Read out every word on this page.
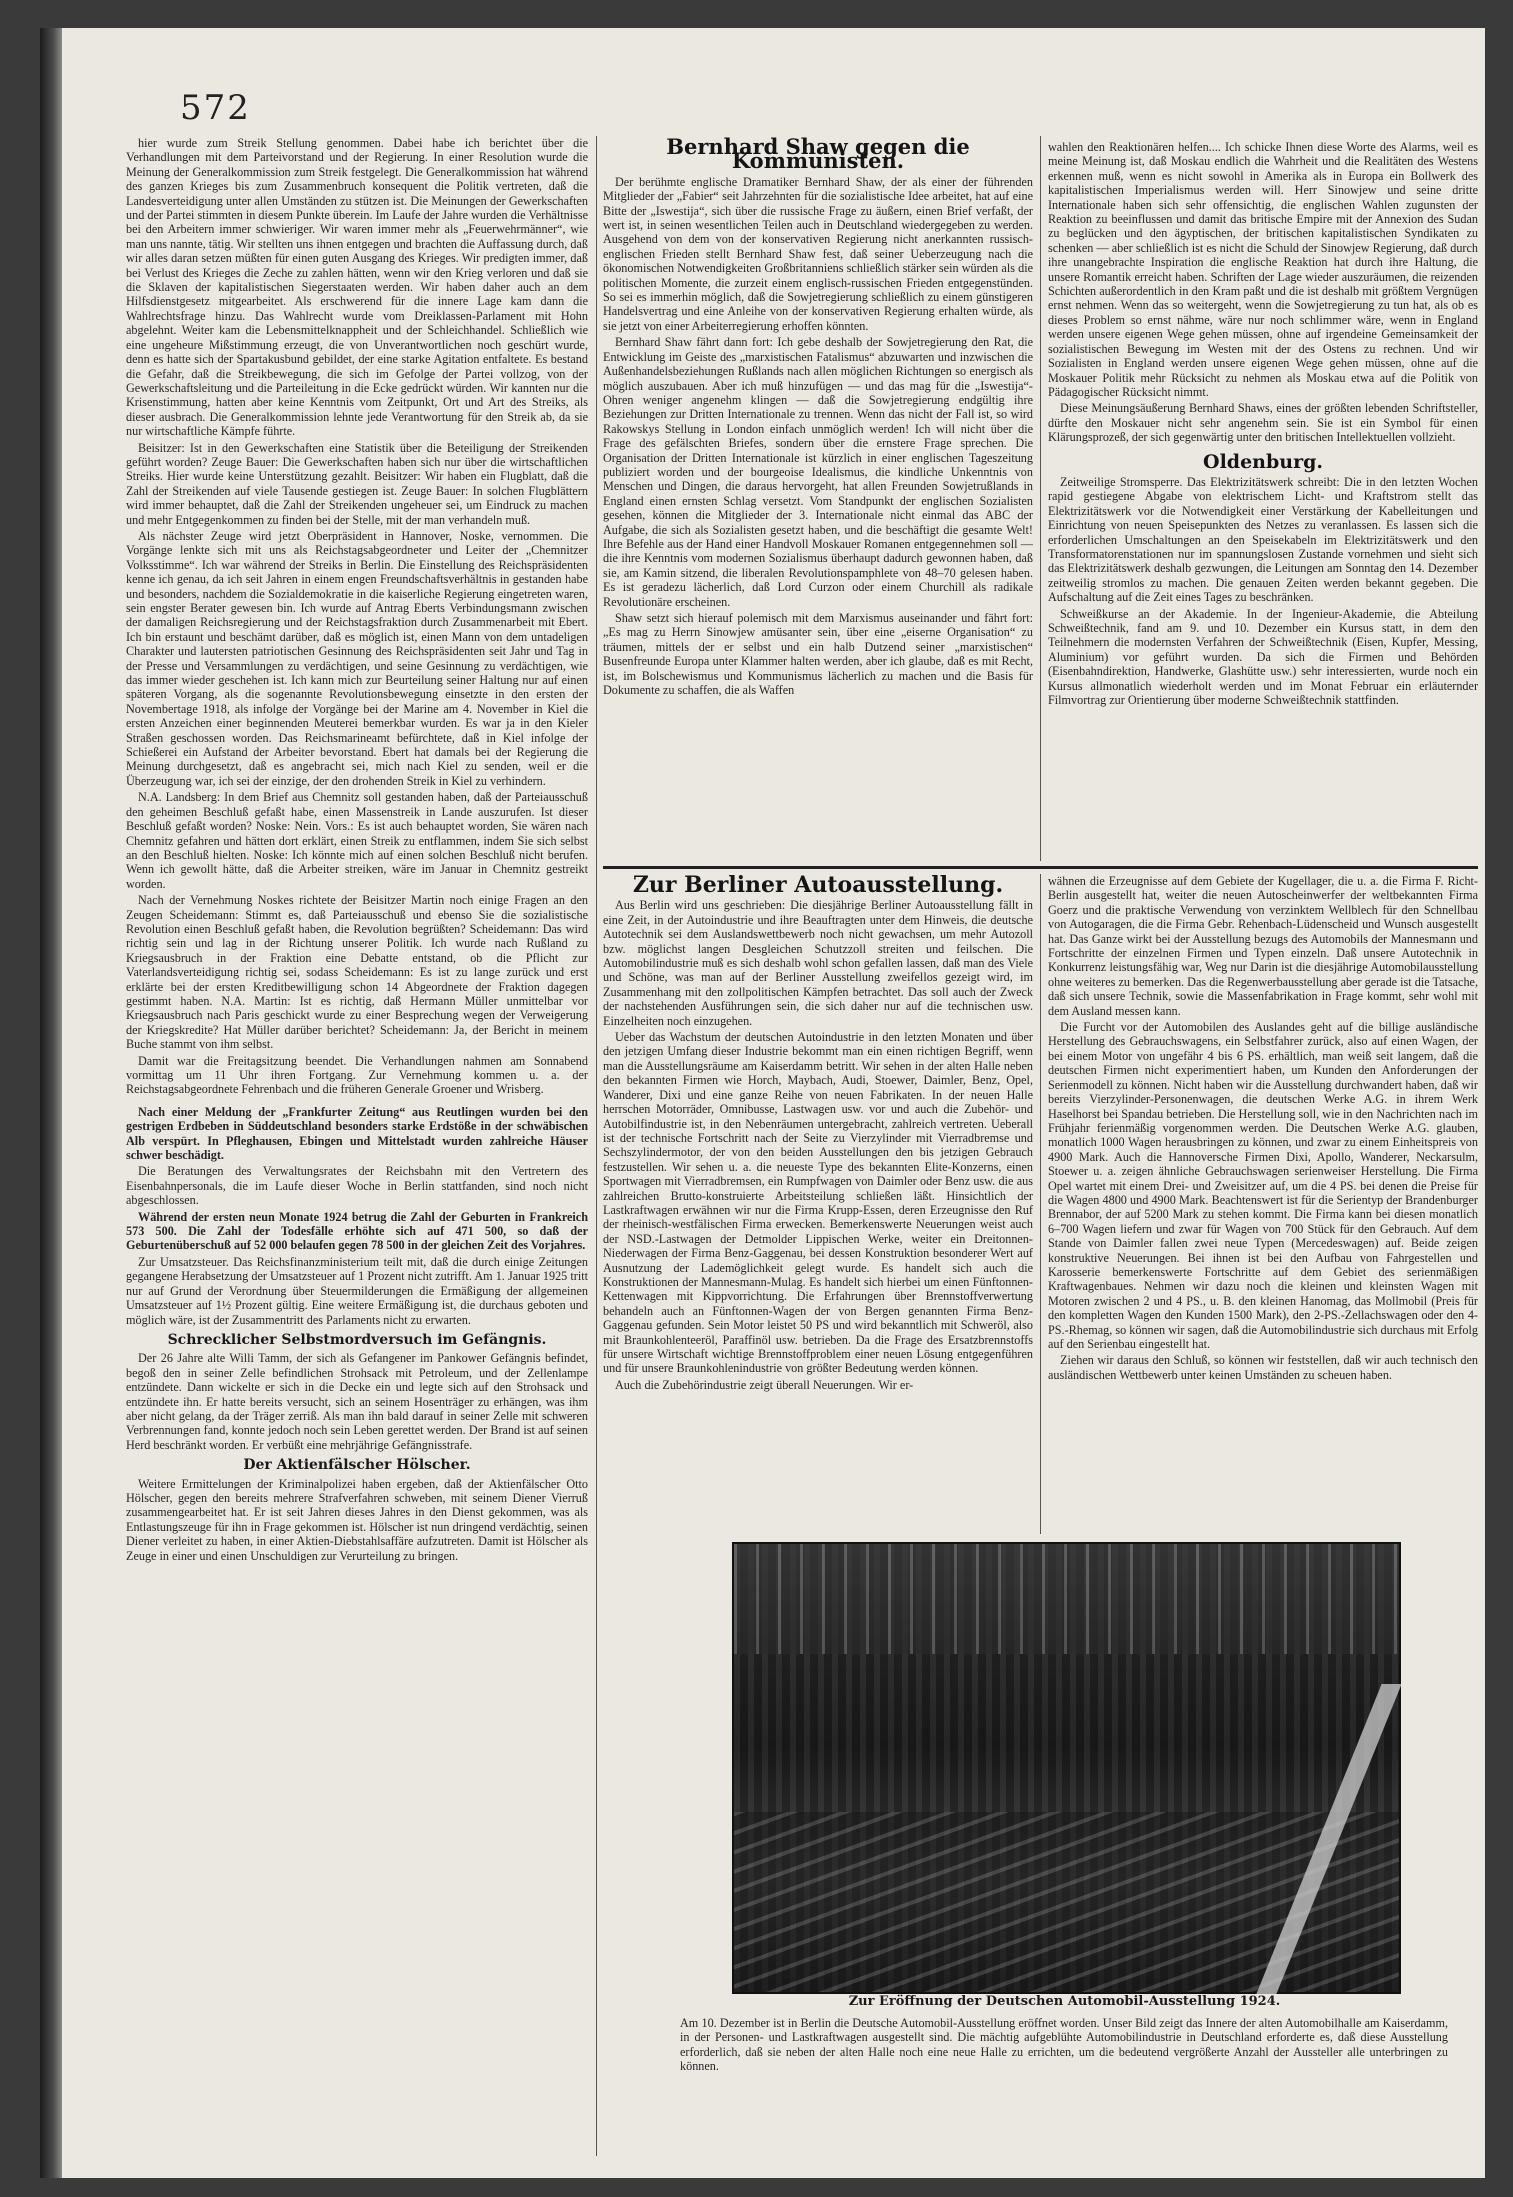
572

hier wurde zum Streik Stellung genommen. Dabei habe ich berichtet über die Verhandlungen mit dem Parteivorstand und der Regierung. In einer Resolution wurde die Meinung der Generalkommission zum Streik festgelegt. Die Generalkommission hat während des ganzen Krieges bis zum Zusammenbruch konsequent die Politik vertreten, daß die Landesverteidigung unter allen Umständen zu stützen ist. Die Meinungen der Gewerkschaften und der Partei stimmten in diesem Punkte überein. Im Laufe der Jahre wurden die Verhältnisse bei den Arbeitern immer schwieriger. Wir waren immer mehr als „Feuerwehrmänner“, wie man uns nannte, tätig. Wir stellten uns ihnen entgegen und brachten die Auffassung durch, daß wir alles daran setzen müßten für einen guten Ausgang des Krieges. Wir predigten immer, daß bei Verlust des Krieges die Zeche zu zahlen hätten, wenn wir den Krieg verloren und daß sie die Sklaven der kapitalistischen Siegerstaaten werden. Wir haben daher auch an dem Hilfsdienstgesetz mitgearbeitet. Als erschwerend für die innere Lage kam dann die Wahlrechtsfrage hinzu. Das Wahlrecht wurde vom Dreiklassen-Parlament mit Hohn abgelehnt. Weiter kam die Lebensmittelknappheit und der Schleichhandel. Schließlich wie eine ungeheure Mißstimmung erzeugt, die von Unverantwortlichen noch geschürt wurde, denn es hatte sich der Spartakusbund gebildet, der eine starke Agitation entfaltete. Es bestand die Gefahr, daß die Streikbewegung, die sich im Gefolge der Partei vollzog, von der Gewerkschaftsleitung und die Parteileitung in die Ecke gedrückt würden. Wir kannten nur die Krisenstimmung, hatten aber keine Kenntnis vom Zeitpunkt, Ort und Art des Streiks, als dieser ausbrach. Die Generalkommission lehnte jede Verantwortung für den Streik ab, da sie nur wirtschaftliche Kämpfe führte.

Beisitzer: Ist in den Gewerkschaften eine Statistik über die Beteiligung der Streikenden geführt worden? Zeuge Bauer: Die Gewerkschaften haben sich nur über die wirtschaftlichen Streiks. Hier wurde keine Unterstützung gezahlt. Beisitzer: Wir haben ein Flugblatt, daß die Zahl der Streikenden auf viele Tausende gestiegen ist. Zeuge Bauer: In solchen Flugblättern wird immer behauptet, daß die Zahl der Streikenden ungeheuer sei, um Eindruck zu machen und mehr Entgegenkommen zu finden bei der Stelle, mit der man verhandeln muß.

Als nächster Zeuge wird jetzt Oberpräsident in Hannover, Noske, vernommen. Die Vorgänge lenkte sich mit uns als Reichstagsabgeordneter und Leiter der „Chemnitzer Volksstimme“. Ich war während der Streiks in Berlin. Die Einstellung des Reichspräsidenten kenne ich genau, da ich seit Jahren in einem engen Freundschaftsverhältnis in gestanden habe und besonders, nachdem die Sozialdemokratie in die kaiserliche Regierung eingetreten waren, sein engster Berater gewesen bin. Ich wurde auf Antrag Eberts Verbindungsmann zwischen der damaligen Reichsregierung und der Reichstagsfraktion durch Zusammenarbeit mit Ebert. Ich bin erstaunt und beschämt darüber, daß es möglich ist, einen Mann von dem untadeligen Charakter und lautersten patriotischen Gesinnung des Reichspräsidenten seit Jahr und Tag in der Presse und Versammlungen zu verdächtigen, und seine Gesinnung zu verdächtigen, wie das immer wieder geschehen ist. Ich kann mich zur Beurteilung seiner Haltung nur auf einen späteren Vorgang, als die sogenannte Revolutionsbewegung einsetzte in den ersten der Novembertage 1918, als infolge der Vorgänge bei der Marine am 4. November in Kiel die ersten Anzeichen einer beginnenden Meuterei bemerkbar wurden. Es war ja in den Kieler Straßen geschossen worden. Das Reichsmarineamt befürchtete, daß in Kiel infolge der Schießerei ein Aufstand der Arbeiter bevorstand. Ebert hat damals bei der Regierung die Meinung durchgesetzt, daß es angebracht sei, mich nach Kiel zu senden, weil er die Überzeugung war, ich sei der einzige, der den drohenden Streik in Kiel zu verhindern.

N.A. Landsberg: In dem Brief aus Chemnitz soll gestanden haben, daß der Parteiausschuß den geheimen Beschluß gefaßt habe, einen Massenstreik in Lande auszurufen. Ist dieser Beschluß gefaßt worden? Noske: Nein. Vors.: Es ist auch behauptet worden, Sie wären nach Chemnitz gefahren und hätten dort erklärt, einen Streik zu entflammen, indem Sie sich selbst an den Beschluß hielten. Noske: Ich könnte mich auf einen solchen Beschluß nicht berufen. Wenn ich gewollt hätte, daß die Arbeiter streiken, wäre im Januar in Chemnitz gestreikt worden.

Nach der Vernehmung Noskes richtete der Beisitzer Martin noch einige Fragen an den Zeugen Scheidemann: Stimmt es, daß Parteiausschuß und ebenso Sie die sozialistische Revolution einen Beschluß gefaßt haben, die Revolution begrüßten? Scheidemann: Das wird richtig sein und lag in der Richtung unserer Politik. Ich wurde nach Rußland zu Kriegsausbruch in der Fraktion eine Debatte entstand, ob die Pflicht zur Vaterlandsverteidigung richtig sei, sodass Scheidemann: Es ist zu lange zurück und erst erklärte bei der ersten Kreditbewilligung schon 14 Abgeordnete der Fraktion dagegen gestimmt haben. N.A. Martin: Ist es richtig, daß Hermann Müller unmittelbar vor Kriegsausbruch nach Paris geschickt wurde zu einer Besprechung wegen der Verweigerung der Kriegskredite? Hat Müller darüber berichtet? Scheidemann: Ja, der Bericht in meinem Buche stammt von ihm selbst.

Damit war die Freitagsitzung beendet. Die Verhandlungen nahmen am Sonnabend vormittag um 11 Uhr ihren Fortgang. Zur Vernehmung kommen u. a. der Reichstagsabgeordnete Fehrenbach und die früheren Generale Groener und Wrisberg.

Nach einer Meldung der „Frankfurter Zeitung“ aus Reutlingen wurden bei den gestrigen Erdbeben in Süddeutschland besonders starke Erdstöße in der schwäbischen Alb verspürt. In Pfleghausen, Ebingen und Mittelstadt wurden zahlreiche Häuser schwer beschädigt.

Die Beratungen des Verwaltungsrates der Reichsbahn mit den Vertretern des Eisenbahnpersonals, die im Laufe dieser Woche in Berlin stattfanden, sind noch nicht abgeschlossen.

Während der ersten neun Monate 1924 betrug die Zahl der Geburten in Frankreich 573 500. Die Zahl der Todesfälle erhöhte sich auf 471 500, so daß der Geburtenüberschuß auf 52 000 belaufen gegen 78 500 in der gleichen Zeit des Vorjahres.

Zur Umsatzsteuer. Das Reichsfinanzministerium teilt mit, daß die durch einige Zeitungen gegangene Herabsetzung der Umsatzsteuer auf 1 Prozent nicht zutrifft. Am 1. Januar 1925 tritt nur auf Grund der Verordnung über Steuermilderungen die Ermäßigung der allgemeinen Umsatzsteuer auf 1½ Prozent gültig. Eine weitere Ermäßigung ist, die durchaus geboten und möglich wäre, ist der Zusammentritt des Parlaments nicht zu erwarten.

Schrecklicher Selbstmordversuch im Gefängnis.

Der 26 Jahre alte Willi Tamm, der sich als Gefangener im Pankower Gefängnis befindet, begoß den in seiner Zelle befindlichen Strohsack mit Petroleum, und der Zellenlampe entzündete. Dann wickelte er sich in die Decke ein und legte sich auf den Strohsack und entzündete ihn. Er hatte bereits versucht, sich an seinem Hosenträger zu erhängen, was ihm aber nicht gelang, da der Träger zerriß. Als man ihn bald darauf in seiner Zelle mit schweren Verbrennungen fand, konnte jedoch noch sein Leben gerettet werden. Der Brand ist auf seinen Herd beschränkt worden. Er verbüßt eine mehrjährige Gefängnisstrafe.

Der Aktienfälscher Hölscher.

Weitere Ermittelungen der Kriminalpolizei haben ergeben, daß der Aktienfälscher Otto Hölscher, gegen den bereits mehrere Strafverfahren schweben, mit seinem Diener Vierruß zusammengearbeitet hat. Er ist seit Jahren dieses Jahres in den Dienst gekommen, was als Entlastungszeuge für ihn in Frage gekommen ist. Hölscher ist nun dringend verdächtig, seinen Diener verleitet zu haben, in einer Aktien-Diebstahlsaffäre aufzutreten. Damit ist Hölscher als Zeuge in einer und einen Unschuldigen zur Verurteilung zu bringen.

Bernhard Shaw gegen die Kommunisten.

Der berühmte englische Dramatiker Bernhard Shaw, der als einer der führenden Mitglieder der „Fabier“ seit Jahrzehnten für die sozialistische Idee arbeitet, hat auf eine Bitte der „Iswestija“, sich über die russische Frage zu äußern, einen Brief verfaßt, der wert ist, in seinen wesentlichen Teilen auch in Deutschland wiedergegeben zu werden. Ausgehend von dem von der konservativen Regierung nicht anerkannten russisch-englischen Frieden stellt Bernhard Shaw fest, daß seiner Ueberzeugung nach die ökonomischen Notwendigkeiten Großbritanniens schließlich stärker sein würden als die politischen Momente, die zurzeit einem englisch-russischen Frieden entgegenstünden. So sei es immerhin möglich, daß die Sowjetregierung schließlich zu einem günstigeren Handelsvertrag und eine Anleihe von der konservativen Regierung erhalten würde, als sie jetzt von einer Arbeiterregierung erhoffen könnten.

Bernhard Shaw fährt dann fort: Ich gebe deshalb der Sowjetregierung den Rat, die Entwicklung im Geiste des „marxistischen Fatalismus“ abzuwarten und inzwischen die Außenhandelsbeziehungen Rußlands nach allen möglichen Richtungen so energisch als möglich auszubauen. Aber ich muß hinzufügen — und das mag für die „Iswestija“-Ohren weniger angenehm klingen — daß die Sowjetregierung endgültig ihre Beziehungen zur Dritten Internationale zu trennen. Wenn das nicht der Fall ist, so wird Rakowskys Stellung in London einfach unmöglich werden! Ich will nicht über die Frage des gefälschten Briefes, sondern über die ernstere Frage sprechen. Die Organisation der Dritten Internationale ist kürzlich in einer englischen Tageszeitung publiziert worden und der bourgeoise Idealismus, die kindliche Unkenntnis von Menschen und Dingen, die daraus hervorgeht, hat allen Freunden Sowjetrußlands in England einen ernsten Schlag versetzt. Vom Standpunkt der englischen Sozialisten gesehen, können die Mitglieder der 3. Internationale nicht einmal das ABC der Aufgabe, die sich als Sozialisten gesetzt haben, und die beschäftigt die gesamte Welt! Ihre Befehle aus der Hand einer Handvoll Moskauer Romanen entgegennehmen soll — die ihre Kenntnis vom modernen Sozialismus überhaupt dadurch gewonnen haben, daß sie, am Kamin sitzend, die liberalen Revolutionspamphlete von 48–70 gelesen haben. Es ist geradezu lächerlich, daß Lord Curzon oder einem Churchill als radikale Revolutionäre erscheinen.

Shaw setzt sich hierauf polemisch mit dem Marxismus auseinander und fährt fort: „Es mag zu Herrn Sinowjew amüsanter sein, über eine „eiserne Organisation“ zu träumen, mittels der er selbst und ein halb Dutzend seiner „marxistischen“ Busenfreunde Europa unter Klammer halten werden, aber ich glaube, daß es mit Recht, ist, im Bolschewismus und Kommunismus lächerlich zu machen und die Basis für Dokumente zu schaffen, die als Waffen

wahlen den Reaktionären helfen.... Ich schicke Ihnen diese Worte des Alarms, weil es meine Meinung ist, daß Moskau endlich die Wahrheit und die Realitäten des Westens erkennen muß, wenn es nicht sowohl in Amerika als in Europa ein Bollwerk des kapitalistischen Imperialismus werden will. Herr Sinowjew und seine dritte Internationale haben sich sehr offensichtig, die englischen Wahlen zugunsten der Reaktion zu beeinflussen und damit das britische Empire mit der Annexion des Sudan zu beglücken und den ägyptischen, der britischen kapitalistischen Syndikaten zu schenken — aber schließlich ist es nicht die Schuld der Sinowjew Regierung, daß durch ihre unangebrachte Inspiration die englische Reaktion hat durch ihre Haltung, die unsere Romantik erreicht haben. Schriften der Lage wieder auszuräumen, die reizenden Schichten außerordentlich in den Kram paßt und die ist deshalb mit größtem Vergnügen ernst nehmen. Wenn das so weitergeht, wenn die Sowjetregierung zu tun hat, als ob es dieses Problem so ernst nähme, wäre nur noch schlimmer wäre, wenn in England werden unsere eigenen Wege gehen müssen, ohne auf irgendeine Gemeinsamkeit der sozialistischen Bewegung im Westen mit der des Ostens zu rechnen. Und wir Sozialisten in England werden unsere eigenen Wege gehen müssen, ohne auf die Moskauer Politik mehr Rücksicht zu nehmen als Moskau etwa auf die Politik von Pädagogischer Rücksicht nimmt.

Diese Meinungsäußerung Bernhard Shaws, eines der größten lebenden Schriftsteller, dürfte den Moskauer nicht sehr angenehm sein. Sie ist ein Symbol für einen Klärungsprozeß, der sich gegenwärtig unter den britischen Intellektuellen vollzieht.

Oldenburg.

Zeitweilige Stromsperre. Das Elektrizitätswerk schreibt: Die in den letzten Wochen rapid gestiegene Abgabe von elektrischem Licht- und Kraftstrom stellt das Elektrizitätswerk vor die Notwendigkeit einer Verstärkung der Kabelleitungen und Einrichtung von neuen Speisepunkten des Netzes zu veranlassen. Es lassen sich die erforderlichen Umschaltungen an den Speisekabeln im Elektrizitätswerk und den Transformatorenstationen nur im spannungslosen Zustande vornehmen und sieht sich das Elektrizitätswerk deshalb gezwungen, die Leitungen am Sonntag den 14. Dezember zeitweilig stromlos zu machen. Die genauen Zeiten werden bekannt gegeben. Die Aufschaltung auf die Zeit eines Tages zu beschränken.

Schweißkurse an der Akademie. In der Ingenieur-Akademie, die Abteilung Schweißtechnik, fand am 9. und 10. Dezember ein Kursus statt, in dem den Teilnehmern die modernsten Verfahren der Schweißtechnik (Eisen, Kupfer, Messing, Aluminium) vor geführt wurden. Da sich die Firmen und Behörden (Eisenbahndirektion, Handwerke, Glashütte usw.) sehr interessierten, wurde noch ein Kursus allmonatlich wiederholt werden und im Monat Februar ein erläuternder Filmvortrag zur Orientierung über moderne Schweißtechnik stattfinden.

Zur Berliner Autoausstellung.

Aus Berlin wird uns geschrieben: Die diesjährige Berliner Autoausstellung fällt in eine Zeit, in der Autoindustrie und ihre Beauftragten unter dem Hinweis, die deutsche Autotechnik sei dem Auslandswettbewerb noch nicht gewachsen, um mehr Autozoll bzw. möglichst langen Desgleichen Schutzzoll streiten und feilschen. Die Automobilindustrie muß es sich deshalb wohl schon gefallen lassen, daß man des Viele und Schöne, was man auf der Berliner Ausstellung zweifellos gezeigt wird, im Zusammenhang mit den zollpolitischen Kämpfen betrachtet. Das soll auch der Zweck der nachstehenden Ausführungen sein, die sich daher nur auf die technischen usw. Einzelheiten noch einzugehen.

Ueber das Wachstum der deutschen Autoindustrie in den letzten Monaten und über den jetzigen Umfang dieser Industrie bekommt man ein einen richtigen Begriff, wenn man die Ausstellungsräume am Kaiserdamm betritt. Wir sehen in der alten Halle neben den bekannten Firmen wie Horch, Maybach, Audi, Stoewer, Daimler, Benz, Opel, Wanderer, Dixi und eine ganze Reihe von neuen Fabrikaten. In der neuen Halle herrschen Motorräder, Omnibusse, Lastwagen usw. vor und auch die Zubehör- und Autobilfindustrie ist, in den Nebenräumen untergebracht, zahlreich vertreten. Ueberall ist der technische Fortschritt nach der Seite zu Vierzylinder mit Vierradbremse und Sechszylindermotor, der von den beiden Ausstellungen den bis jetzigen Gebrauch festzustellen. Wir sehen u. a. die neueste Type des bekannten Elite-Konzerns, einen Sportwagen mit Vierradbremsen, ein Rumpfwagen von Daimler oder Benz usw. die aus zahlreichen Brutto-konstruierte Arbeitsteilung schließen läßt. Hinsichtlich der Lastkraftwagen erwähnen wir nur die Firma Krupp-Essen, deren Erzeugnisse den Ruf der rheinisch-westfälischen Firma erwecken. Bemerkenswerte Neuerungen weist auch der NSD.-Lastwagen der Detmolder Lippischen Werke, weiter ein Dreitonnen-Niederwagen der Firma Benz-Gaggenau, bei dessen Konstruktion besonderer Wert auf Ausnutzung der Lademöglichkeit gelegt wurde. Es handelt sich auch die Konstruktionen der Mannesmann-Mulag. Es handelt sich hierbei um einen Fünftonnen-Kettenwagen mit Kippvorrichtung. Die Erfahrungen über Brennstoffverwertung behandeln auch an Fünftonnen-Wagen der von Bergen genannten Firma Benz-Gaggenau gefunden. Sein Motor leistet 50 PS und wird bekanntlich mit Schweröl, also mit Braunkohlenteeröl, Paraffinöl usw. betrieben. Da die Frage des Ersatzbrennstoffs für unsere Wirtschaft wichtige Brennstoffproblem einer neuen Lösung entgegenführen und für unsere Braunkohlenindustrie von größter Bedeutung werden können.

Auch die Zubehörindustrie zeigt überall Neuerungen. Wir er-

wähnen die Erzeugnisse auf dem Gebiete der Kugellager, die u. a. die Firma F. Richt-Berlin ausgestellt hat, weiter die neuen Autoscheinwerfer der weltbekannten Firma Goerz und die praktische Verwendung von verzinktem Wellblech für den Schnellbau von Autogaragen, die die Firma Gebr. Rehenbach-Lüdenscheid und Wunsch ausgestellt hat. Das Ganze wirkt bei der Ausstellung bezugs des Automobils der Mannesmann und Fortschritte der einzelnen Firmen und Typen einzeln. Daß unsere Autotechnik in Konkurrenz leistungsfähig war, Weg nur Darin ist die diesjährige Automobilausstellung ohne weiteres zu bemerken. Das die Regenwerbausstellung aber gerade ist die Tatsache, daß sich unsere Technik, sowie die Massenfabrikation in Frage kommt, sehr wohl mit dem Ausland messen kann.

Die Furcht vor der Automobilen des Auslandes geht auf die billige ausländische Herstellung des Gebrauchswagens, ein Selbstfahrer zurück, also auf einen Wagen, der bei einem Motor von ungefähr 4 bis 6 PS. erhältlich, man weiß seit langem, daß die deutschen Firmen nicht experimentiert haben, um Kunden den Anforderungen der Serienmodell zu können. Nicht haben wir die Ausstellung durchwandert haben, daß wir bereits Vierzylinder-Personenwagen, die deutschen Werke A.G. in ihrem Werk Haselhorst bei Spandau betrieben. Die Herstellung soll, wie in den Nachrichten nach im Frühjahr ferienmäßig vorgenommen werden. Die Deutschen Werke A.G. glauben, monatlich 1000 Wagen herausbringen zu können, und zwar zu einem Einheitspreis von 4900 Mark. Auch die Hannoversche Firmen Dixi, Apollo, Wanderer, Neckarsulm, Stoewer u. a. zeigen ähnliche Gebrauchswagen serienweiser Herstellung. Die Firma Opel wartet mit einem Drei- und Zweisitzer auf, um die 4 PS. bei denen die Preise für die Wagen 4800 und 4900 Mark. Beachtenswert ist für die Serientyp der Brandenburger Brennabor, der auf 5200 Mark zu stehen kommt. Die Firma kann bei diesen monatlich 6–700 Wagen liefern und zwar für Wagen von 700 Stück für den Gebrauch. Auf dem Stande von Daimler fallen zwei neue Typen (Mercedeswagen) auf. Beide zeigen konstruktive Neuerungen. Bei ihnen ist bei den Aufbau von Fahrgestellen und Karosserie bemerkenswerte Fortschritte auf dem Gebiet des serienmäßigen Kraftwagenbaues. Nehmen wir dazu noch die kleinen und kleinsten Wagen mit Motoren zwischen 2 und 4 PS., u. B. den kleinen Hanomag, das Mollmobil (Preis für den kompletten Wagen den Kunden 1500 Mark), den 2-PS.-Zellachswagen oder den 4-PS.-Rhemag, so können wir sagen, daß die Automobilindustrie sich durchaus mit Erfolg auf den Serienbau eingestellt hat.

Ziehen wir daraus den Schluß, so können wir feststellen, daß wir auch technisch den ausländischen Wettbewerb unter keinen Umständen zu scheuen haben.

Zur Eröffnung der Deutschen Automobil-Ausstellung 1924.
Am 10. Dezember ist in Berlin die Deutsche Automobil-Ausstellung eröffnet worden. Unser Bild zeigt das Innere der alten Automobilhalle am Kaiserdamm, in der Personen- und Lastkraftwagen ausgestellt sind. Die mächtig aufgeblühte Automobilindustrie in Deutschland erforderte es, daß diese Ausstellung erforderlich, daß sie neben der alten Halle noch eine neue Halle zu errichten, um die bedeutend vergrößerte Anzahl der Aussteller alle unterbringen zu können.
